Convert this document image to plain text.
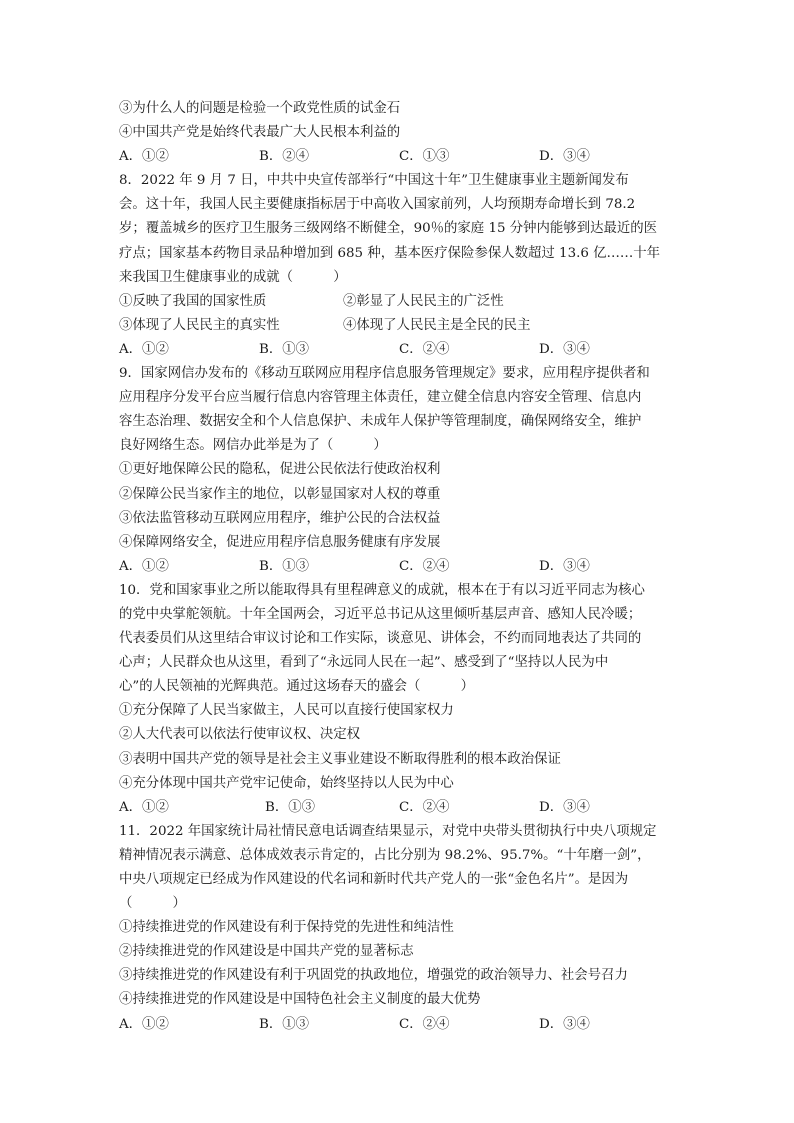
③为什么人的问题是检验一个政党性质的试金石
④中国共产党是始终代表最广大人民根本利益的
A．①②	B．②④	C．①③	D．③④
8．2022 年 9 月 7 日，中共中央宣传部举行“中国这十年”卫生健康事业主题新闻发布
会。这十年，我国人民主要健康指标居于中高收入国家前列，人均预期寿命增长到 78.2
岁；覆盖城乡的医疗卫生服务三级网络不断健全，90％的家庭 15 分钟内能够到达最近的医
疗点；国家基本药物目录品种增加到 685 种，基本医疗保险参保人数超过 13.6 亿……十年
来我国卫生健康事业的成就（　　　）
①反映了我国的国家性质	②彰显了人民民主的广泛性
③体现了人民民主的真实性	④体现了人民民主是全民的民主
A．①②	B．①③	C．②④	D．③④
9．国家网信办发布的《移动互联网应用程序信息服务管理规定》要求，应用程序提供者和
应用程序分发平台应当履行信息内容管理主体责任，建立健全信息内容安全管理、信息内
容生态治理、数据安全和个人信息保护、未成年人保护等管理制度，确保网络安全，维护
良好网络生态。网信办此举是为了（　　　）
①更好地保障公民的隐私，促进公民依法行使政治权利
②保障公民当家作主的地位，以彰显国家对人权的尊重
③依法监管移动互联网应用程序，维护公民的合法权益
④保障网络安全，促进应用程序信息服务健康有序发展
A．①②	B．①③	C．②④	D．③④
10．党和国家事业之所以能取得具有里程碑意义的成就，根本在于有以习近平同志为核心
的党中央掌舵领航。十年全国两会，习近平总书记从这里倾听基层声音、感知人民冷暖；
代表委员们从这里结合审议讨论和工作实际，谈意见、讲体会，不约而同地表达了共同的
心声；人民群众也从这里，看到了“永远同人民在一起”、感受到了“坚持以人民为中
心”的人民领袖的光辉典范。通过这场春天的盛会（　　　）
①充分保障了人民当家做主，人民可以直接行使国家权力
②人大代表可以依法行使审议权、决定权
③表明中国共产党的领导是社会主义事业建设不断取得胜利的根本政治保证
④充分体现中国共产党牢记使命，始终坚持以人民为中心
A．①②	B．①③	C．②④	D．③④
11．2022 年国家统计局社情民意电话调查结果显示，对党中央带头贯彻执行中央八项规定
精神情况表示满意、总体成效表示肯定的，占比分别为 98.2%、95.7%。“十年磨一剑”，
中央八项规定已经成为作风建设的代名词和新时代共产党人的一张“金色名片”。是因为
（　　　）
①持续推进党的作风建设有利于保持党的先进性和纯洁性
②持续推进党的作风建设是中国共产党的显著标志
③持续推进党的作风建设有利于巩固党的执政地位，增强党的政治领导力、社会号召力
④持续推进党的作风建设是中国特色社会主义制度的最大优势
A．①②	B．①③	C．②④	D．③④
